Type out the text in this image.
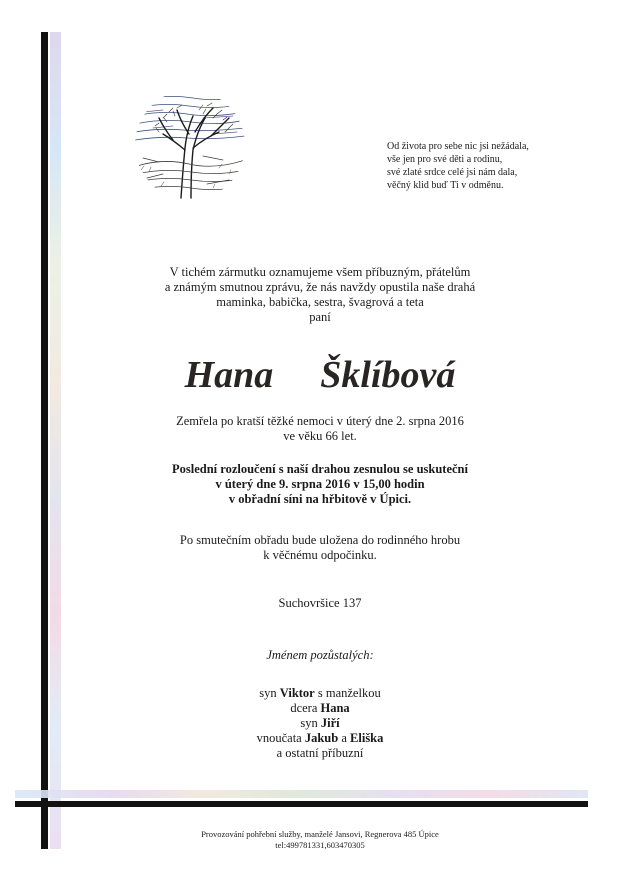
Od života pro sebe nic jsi nežádala,
vše jen pro své děti a rodinu,
své zlaté srdce celé jsi nám dala,
věčný klid buď Ti v odměnu.
V tichém zármutku oznamujeme všem příbuzným, přátelům
a známým smutnou zprávu, že nás navždy opustila naše drahá
maminka, babička, sestra, švagrová a teta
paní
Hana  Šklíbová
Zemřela po kratší těžké nemoci v úterý dne 2. srpna 2016
ve věku 66 let.
Poslední rozloučení s naší drahou zesnulou se uskuteční
v úterý dne 9. srpna 2016 v 15,00 hodin
v obřadní síni na hřbitově v Úpici.
Po smutečním obřadu bude uložena do rodinného hrobu
k věčnému odpočinku.
Suchovršice 137
Jménem pozůstalých:
syn Viktor s manželkou
dcera Hana
syn Jiří
vnoučata Jakub a Eliška
a ostatní příbuzní
Provozování pohřební služby, manželé Jansovi, Regnerova 485 Úpice
tel:499781331,603470305
